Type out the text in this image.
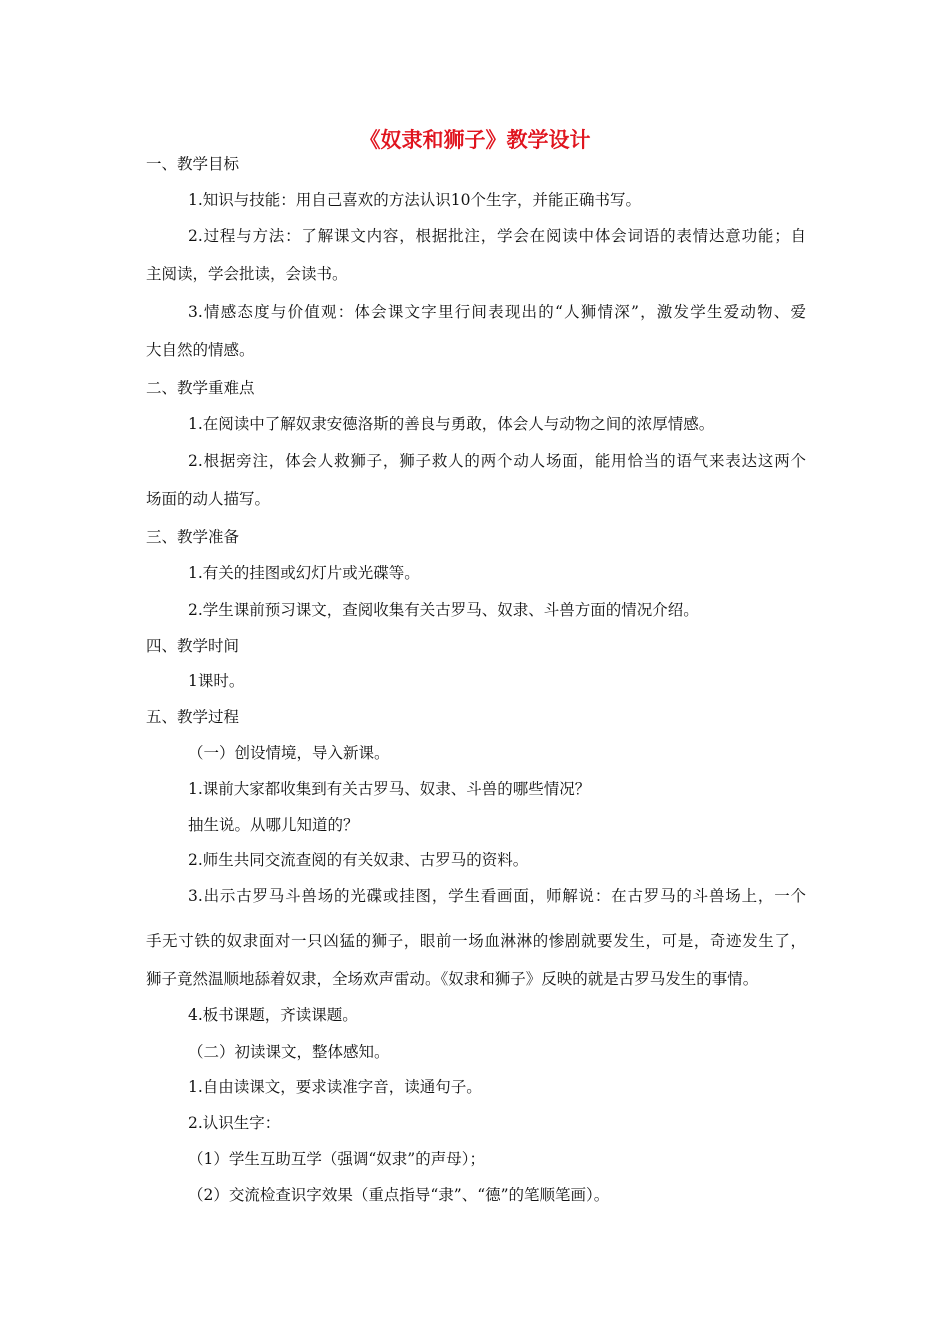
《奴隶和狮子》教学设计
一、教学目标
1.知识与技能：用自己喜欢的方法认识10个生字，并能正确书写。
2.过程与方法：了解课文内容，根据批注，学会在阅读中体会词语的表情达意功能；自
主阅读，学会批读，会读书。
3.情感态度与价值观：体会课文字里行间表现出的“人狮情深”，激发学生爱动物、爱
大自然的情感。
二、教学重难点
1.在阅读中了解奴隶安德洛斯的善良与勇敢，体会人与动物之间的浓厚情感。
2.根据旁注，体会人救狮子，狮子救人的两个动人场面，能用恰当的语气来表达这两个
场面的动人描写。
三、教学准备
1.有关的挂图或幻灯片或光碟等。
2.学生课前预习课文，查阅收集有关古罗马、奴隶、斗兽方面的情况介绍。
四、教学时间
1课时。
五、教学过程
（一）创设情境，导入新课。
1.课前大家都收集到有关古罗马、奴隶、斗兽的哪些情况？
抽生说。从哪儿知道的？
2.师生共同交流查阅的有关奴隶、古罗马的资料。
3.出示古罗马斗兽场的光碟或挂图，学生看画面，师解说：在古罗马的斗兽场上，一个
手无寸铁的奴隶面对一只凶猛的狮子，眼前一场血淋淋的惨剧就要发生，可是，奇迹发生了，
狮子竟然温顺地舔着奴隶，全场欢声雷动。《奴隶和狮子》反映的就是古罗马发生的事情。
4.板书课题，齐读课题。
（二）初读课文，整体感知。
1.自由读课文，要求读准字音，读通句子。
2.认识生字：
（1）学生互助互学（强调“奴隶”的声母）；
（2）交流检查识字效果（重点指导“隶”、“德”的笔顺笔画）。
